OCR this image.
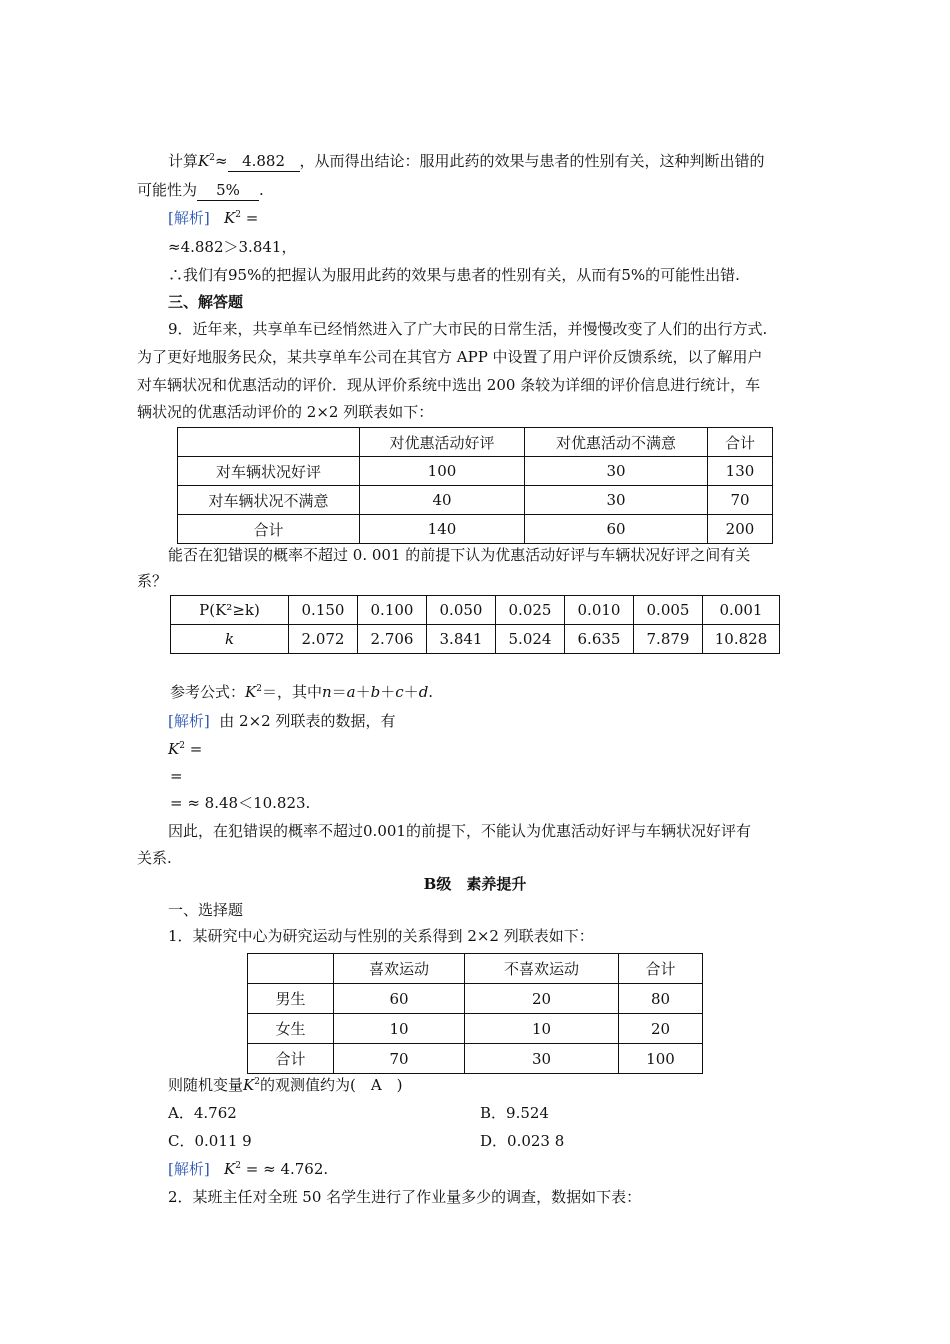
计算$K^2\approx 4.882$ ，从而得出结论：服用此药的效果与患者的性别有关，这种判断出错的
可能性为 5% .
[解析] $K^2$ =
≈4.882＞3.841，
∴我们有95%的把握认为服用此药的效果与患者的性别有关，从而有5%的可能性出错.
三、解答题
9．近年来，共享单车已经悄然进入了广大市民的日常生活，并慢慢改变了人们的出行方式.
为了更好地服务民众，某共享单车公司在其官方 APP 中设置了用户评价反馈系统，以了解用户
对车辆状况和优惠活动的评价．现从评价系统中选出 200 条较为详细的评价信息进行统计，车
辆状况的优惠活动评价的 2×2 列联表如下：
	对优惠活动好评	对优惠活动不满意	合计
对车辆状况好评	100	30	130
对车辆状况不满意	40	30	70
合计	140	60	200
能否在犯错误的概率不超过 0. 001 的前提下认为优惠活动好评与车辆状况好评之间有关
系？
P(K²≥k)	0.150	0.100	0.050	0.025	0.010	0.005	0.001
k	2.072	2.706	3.841	5.024	6.635	7.879	10.828
参考公式：$K^2=$，其中n＝a＋b＋c＋d.
[解析] 由 2×2 列联表的数据，有
$K^2$ =
=
= ≈ 8.48＜10.823.
因此，在犯错误的概率不超过0.001的前提下，不能认为优惠活动好评与车辆状况好评有
关系.
B级　素养提升
一、选择题
1．某研究中心为研究运动与性别的关系得到 2×2 列联表如下：
	喜欢运动	不喜欢运动	合计
男生	60	20	80
女生	10	10	20
合计	70	30	100
则随机变量$K^2$的观测值约为(　A　)
A．4.762	B．9.524
C．0.011 9	D．0.023 8
[解析] $K^2$ = ≈ 4.762.
2．某班主任对全班 50 名学生进行了作业量多少的调查，数据如下表：
